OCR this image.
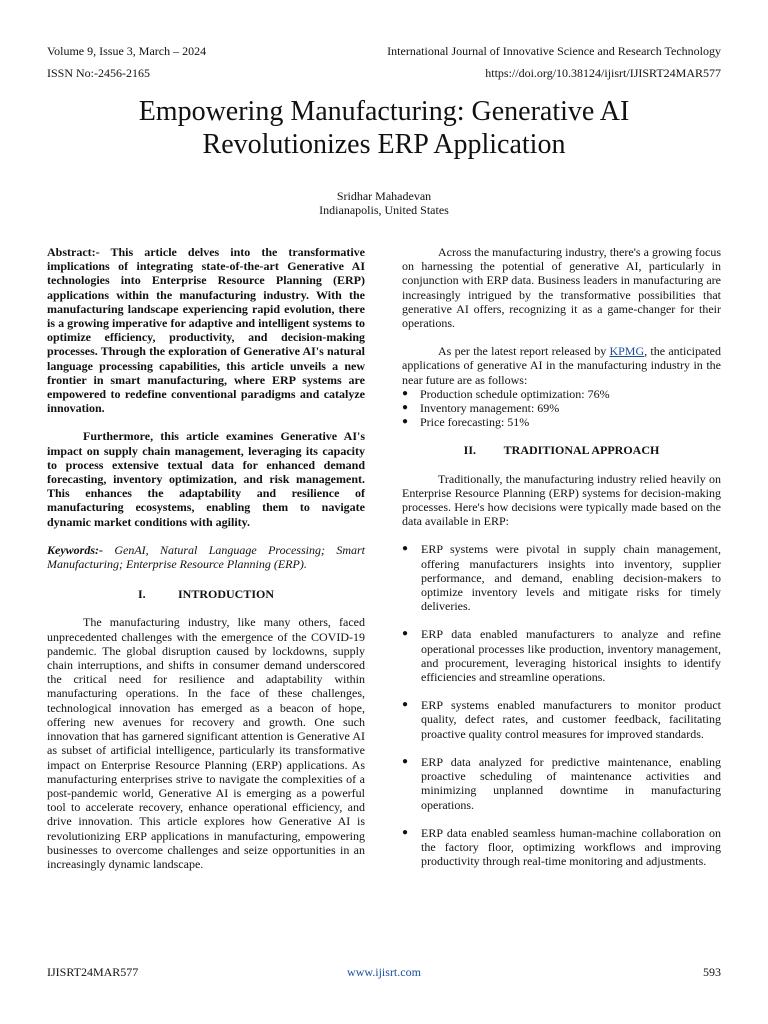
Volume 9, Issue 3, March – 2024	International Journal of Innovative Science and Research Technology
ISSN No:-2456-2165	https://doi.org/10.38124/ijisrt/IJISRT24MAR577
Empowering Manufacturing: Generative AI
Revolutionizes ERP Application
Sridhar Mahadevan
Indianapolis, United States

Abstract:- This article delves into the transformative implications of integrating state-of-the-art Generative AI technologies into Enterprise Resource Planning (ERP) applications within the manufacturing industry. With the manufacturing landscape experiencing rapid evolution, there is a growing imperative for adaptive and intelligent systems to optimize efficiency, productivity, and decision-making processes. Through the exploration of Generative AI's natural language processing capabilities, this article unveils a new frontier in smart manufacturing, where ERP systems are empowered to redefine conventional paradigms and catalyze innovation.

Furthermore, this article examines Generative AI's impact on supply chain management, leveraging its capacity to process extensive textual data for enhanced demand forecasting, inventory optimization, and risk management. This enhances the adaptability and resilience of manufacturing ecosystems, enabling them to navigate dynamic market conditions with agility.

Keywords:- GenAI, Natural Language Processing; Smart Manufacturing; Enterprise Resource Planning (ERP).

I.	INTRODUCTION

The manufacturing industry, like many others, faced unprecedented challenges with the emergence of the COVID-19 pandemic. The global disruption caused by lockdowns, supply chain interruptions, and shifts in consumer demand underscored the critical need for resilience and adaptability within manufacturing operations. In the face of these challenges, technological innovation has emerged as a beacon of hope, offering new avenues for recovery and growth. One such innovation that has garnered significant attention is Generative AI as subset of artificial intelligence, particularly its transformative impact on Enterprise Resource Planning (ERP) applications. As manufacturing enterprises strive to navigate the complexities of a post-pandemic world, Generative AI is emerging as a powerful tool to accelerate recovery, enhance operational efficiency, and drive innovation. This article explores how Generative AI is revolutionizing ERP applications in manufacturing, empowering businesses to overcome challenges and seize opportunities in an increasingly dynamic landscape.

Across the manufacturing industry, there's a growing focus on harnessing the potential of generative AI, particularly in conjunction with ERP data. Business leaders in manufacturing are increasingly intrigued by the transformative possibilities that generative AI offers, recognizing it as a game-changer for their operations.

As per the latest report released by KPMG, the anticipated applications of generative AI in the manufacturing industry in the near future are as follows:

● Production schedule optimization: 76%
● Inventory management: 69%
● Price forecasting: 51%
II. TRADITIONAL APPROACH

Traditionally, the manufacturing industry relied heavily on Enterprise Resource Planning (ERP) systems for decision-making processes. Here's how decisions were typically made based on the data available in ERP:

● ERP systems were pivotal in supply chain management, offering manufacturers insights into inventory, supplier performance, and demand, enabling decision-makers to optimize inventory levels and mitigate risks for timely deliveries.
● ERP data enabled manufacturers to analyze and refine operational processes like production, inventory management, and procurement, leveraging historical insights to identify efficiencies and streamline operations.
● ERP systems enabled manufacturers to monitor product quality, defect rates, and customer feedback, facilitating proactive quality control measures for improved standards.
● ERP data analyzed for predictive maintenance, enabling proactive scheduling of maintenance activities and minimizing unplanned downtime in manufacturing operations.
● ERP data enabled seamless human-machine collaboration on the factory floor, optimizing workflows and improving productivity through real-time monitoring and adjustments.
IJISRT24MAR577	www.ijisrt.com	593
